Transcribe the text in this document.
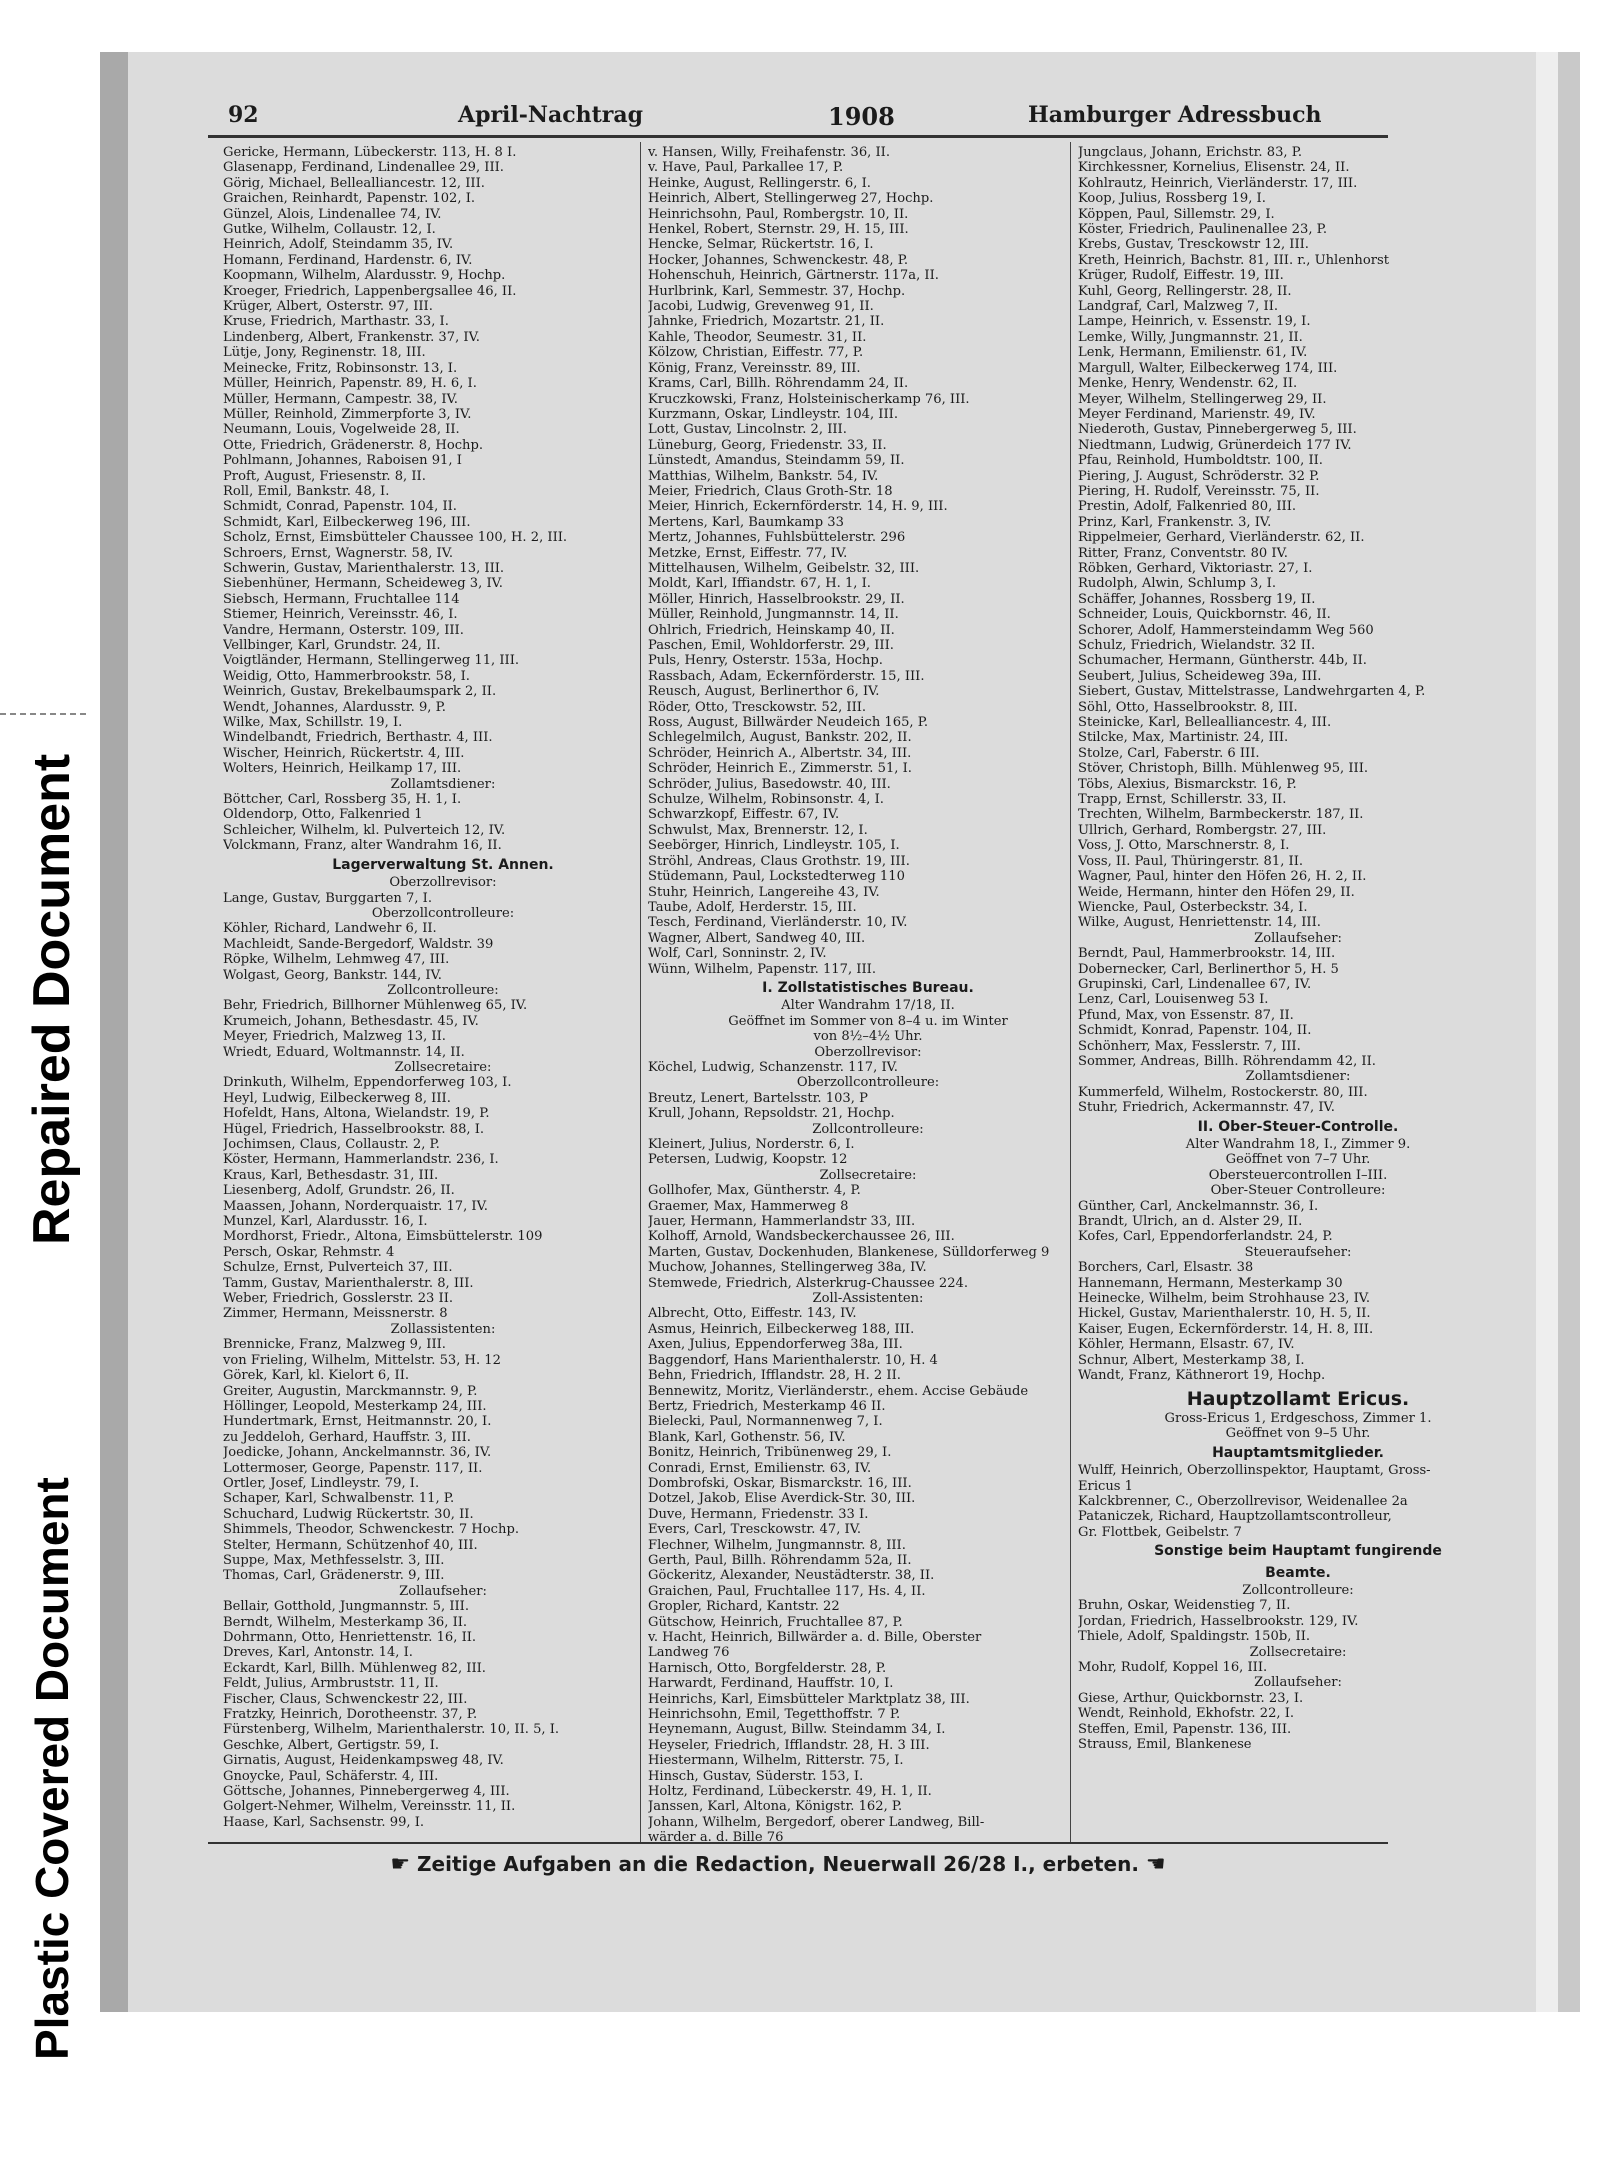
Repaired Document
Plastic Covered Document
92	April-Nachtrag	1908	Hamburger Adressbuch
Gericke, Hermann, Lübeckerstr. 113, H. 8 I.
Glasenapp, Ferdinand, Lindenallee 29, III.
Görig, Michael, Bellealliancestr. 12, III.
Graichen, Reinhardt, Papenstr. 102, I.
Günzel, Alois, Lindenallee 74, IV.
Gutke, Wilhelm, Collaustr. 12, I.
Heinrich, Adolf, Steindamm 35, IV.
Homann, Ferdinand, Hardenstr. 6, IV.
Koopmann, Wilhelm, Alardusstr. 9, Hochp.
Kroeger, Friedrich, Lappenbergsallee 46, II.
Krüger, Albert, Osterstr. 97, III.
Kruse, Friedrich, Marthastr. 33, I.
Lindenberg, Albert, Frankenstr. 37, IV.
Lütje, Jony, Reginenstr. 18, III.
Meinecke, Fritz, Robinsonstr. 13, I.
Müller, Heinrich, Papenstr. 89, H. 6, I.
Müller, Hermann, Campestr. 38, IV.
Müller, Reinhold, Zimmerpforte 3, IV.
Neumann, Louis, Vogelweide 28, II.
Otte, Friedrich, Grädenerstr. 8, Hochp.
Pohlmann, Johannes, Raboisen 91, I
Proft, August, Friesenstr. 8, II.
Roll, Emil, Bankstr. 48, I.
Schmidt, Conrad, Papenstr. 104, II.
Schmidt, Karl, Eilbeckerweg 196, III.
Scholz, Ernst, Eimsbütteler Chaussee 100, H. 2, III.
Schroers, Ernst, Wagnerstr. 58, IV.
Schwerin, Gustav, Marienthalerstr. 13, III.
Siebenhüner, Hermann, Scheideweg 3, IV.
Siebsch, Hermann, Fruchtallee 114
Stiemer, Heinrich, Vereinsstr. 46, I.
Vandre, Hermann, Osterstr. 109, III.
Vellbinger, Karl, Grundstr. 24, II.
Voigtländer, Hermann, Stellingerweg 11, III.
Weidig, Otto, Hammerbrookstr. 58, I.
Weinrich, Gustav, Brekelbaumspark 2, II.
Wendt, Johannes, Alardusstr. 9, P.
Wilke, Max, Schillstr. 19, I.
Windelbandt, Friedrich, Berthastr. 4, III.
Wischer, Heinrich, Rückertstr. 4, III.
Wolters, Heinrich, Heilkamp 17, III.
Zollamtsdiener:
Böttcher, Carl, Rossberg 35, H. 1, I.
Oldendorp, Otto, Falkenried 1
Schleicher, Wilhelm, kl. Pulverteich 12, IV.
Volckmann, Franz, alter Wandrahm 16, II.
Lagerverwaltung St. Annen.
Oberzollrevisor:
Lange, Gustav, Burggarten 7, I.
Oberzollcontrolleure:
Köhler, Richard, Landwehr 6, II.
Machleidt, Sande-Bergedorf, Waldstr. 39
Röpke, Wilhelm, Lehmweg 47, III.
Wolgast, Georg, Bankstr. 144, IV.
Zollcontrolleure:
Behr, Friedrich, Billhorner Mühlenweg 65, IV.
Krumeich, Johann, Bethesdastr. 45, IV.
Meyer, Friedrich, Malzweg 13, II.
Wriedt, Eduard, Woltmannstr. 14, II.
Zollsecretaire:
Drinkuth, Wilhelm, Eppendorferweg 103, I.
Heyl, Ludwig, Eilbeckerweg 8, III.
Hofeldt, Hans, Altona, Wielandstr. 19, P.
Hügel, Friedrich, Hasselbrookstr. 88, I.
Jochimsen, Claus, Collaustr. 2, P.
Köster, Hermann, Hammerlandstr. 236, I.
Kraus, Karl, Bethesdastr. 31, III.
Liesenberg, Adolf, Grundstr. 26, II.
Maassen, Johann, Norderquaistr. 17, IV.
Munzel, Karl, Alardusstr. 16, I.
Mordhorst, Friedr., Altona, Eimsbüttelerstr. 109
Persch, Oskar, Rehmstr. 4
Schulze, Ernst, Pulverteich 37, III.
Tamm, Gustav, Marienthalerstr. 8, III.
Weber, Friedrich, Gosslerstr. 23 II.
Zimmer, Hermann, Meissnerstr. 8
Zollassistenten:
Brennicke, Franz, Malzweg 9, III.
von Frieling, Wilhelm, Mittelstr. 53, H. 12
Görek, Karl, kl. Kielort 6, II.
Greiter, Augustin, Marckmannstr. 9, P.
Höllinger, Leopold, Mesterkamp 24, III.
Hundertmark, Ernst, Heitmannstr. 20, I.
zu Jeddeloh, Gerhard, Hauffstr. 3, III.
Joedicke, Johann, Anckelmannstr. 36, IV.
Lottermoser, George, Papenstr. 117, II.
Ortler, Josef, Lindleystr. 79, I.
Schaper, Karl, Schwalbenstr. 11, P.
Schuchard, Ludwig Rückertstr. 30, II.
Shimmels, Theodor, Schwenckestr. 7 Hochp.
Stelter, Hermann, Schützenhof 40, III.
Suppe, Max, Methfesselstr. 3, III.
Thomas, Carl, Grädenerstr. 9, III.
Zollaufseher:
Bellair, Gotthold, Jungmannstr. 5, III.
Berndt, Wilhelm, Mesterkamp 36, II.
Dohrmann, Otto, Henriettenstr. 16, II.
Dreves, Karl, Antonstr. 14, I.
Eckardt, Karl, Billh. Mühlenweg 82, III.
Feldt, Julius, Armbruststr. 11, II.
Fischer, Claus, Schwenckestr 22, III.
Fratzky, Heinrich, Dorotheenstr. 37, P.
Fürstenberg, Wilhelm, Marienthalerstr. 10, II. 5, I.
Geschke, Albert, Gertigstr. 59, I.
Girnatis, August, Heidenkampsweg 48, IV.
Gnoycke, Paul, Schäferstr. 4, III.
Göttsche, Johannes, Pinnebergerweg 4, III.
Golgert-Nehmer, Wilhelm, Vereinsstr. 11, II.
Haase, Karl, Sachsenstr. 99, I.
v. Hansen, Willy, Freihafenstr. 36, II.
v. Have, Paul, Parkallee 17, P.
Heinke, August, Rellingerstr. 6, I.
Heinrich, Albert, Stellingerweg 27, Hochp.
Heinrichsohn, Paul, Rombergstr. 10, II.
Henkel, Robert, Sternstr. 29, H. 15, III.
Hencke, Selmar, Rückertstr. 16, I.
Hocker, Johannes, Schwenckestr. 48, P.
Hohenschuh, Heinrich, Gärtnerstr. 117a, II.
Hurlbrink, Karl, Semmestr. 37, Hochp.
Jacobi, Ludwig, Grevenweg 91, II.
Jahnke, Friedrich, Mozartstr. 21, II.
Kahle, Theodor, Seumestr. 31, II.
Kölzow, Christian, Eiffestr. 77, P.
König, Franz, Vereinsstr. 89, III.
Krams, Carl, Billh. Röhrendamm 24, II.
Kruczkowski, Franz, Holsteinischerkamp 76, III.
Kurzmann, Oskar, Lindleystr. 104, III.
Lott, Gustav, Lincolnstr. 2, III.
Lüneburg, Georg, Friedenstr. 33, II.
Lünstedt, Amandus, Steindamm 59, II.
Matthias, Wilhelm, Bankstr. 54, IV.
Meier, Friedrich, Claus Groth-Str. 18
Meier, Hinrich, Eckernförderstr. 14, H. 9, III.
Mertens, Karl, Baumkamp 33
Mertz, Johannes, Fuhlsbüttelerstr. 296
Metzke, Ernst, Eiffestr. 77, IV.
Mittelhausen, Wilhelm, Geibelstr. 32, III.
Moldt, Karl, Iffiandstr. 67, H. 1, I.
Möller, Hinrich, Hasselbrookstr. 29, II.
Müller, Reinhold, Jungmannstr. 14, II.
Ohlrich, Friedrich, Heinskamp 40, II.
Paschen, Emil, Wohldorferstr. 29, III.
Puls, Henry, Osterstr. 153a, Hochp.
Rassbach, Adam, Eckernförderstr. 15, III.
Reusch, August, Berlinerthor 6, IV.
Röder, Otto, Tresckowstr. 52, III.
Ross, August, Billwärder Neudeich 165, P.
Schlegelmilch, August, Bankstr. 202, II.
Schröder, Heinrich A., Albertstr. 34, III.
Schröder, Heinrich E., Zimmerstr. 51, I.
Schröder, Julius, Basedowstr. 40, III.
Schulze, Wilhelm, Robinsonstr. 4, I.
Schwarzkopf, Eiffestr. 67, IV.
Schwulst, Max, Brennerstr. 12, I.
Seebörger, Hinrich, Lindleystr. 105, I.
Ströhl, Andreas, Claus Grothstr. 19, III.
Stüdemann, Paul, Lockstedterweg 110
Stuhr, Heinrich, Langereihe 43, IV.
Taube, Adolf, Herderstr. 15, III.
Tesch, Ferdinand, Vierländerstr. 10, IV.
Wagner, Albert, Sandweg 40, III.
Wolf, Carl, Sonninstr. 2, IV.
Wünn, Wilhelm, Papenstr. 117, III.
I. Zollstatistisches Bureau.
Alter Wandrahm 17/18, II.
Geöffnet im Sommer von 8–4 u. im Winter
von 8½–4½ Uhr.
Oberzollrevisor:
Köchel, Ludwig, Schanzenstr. 117, IV.
Oberzollcontrolleure:
Breutz, Lenert, Bartelsstr. 103, P
Krull, Johann, Repsoldstr. 21, Hochp.
Zollcontrolleure:
Kleinert, Julius, Norderstr. 6, I.
Petersen, Ludwig, Koopstr. 12
Zollsecretaire:
Gollhofer, Max, Güntherstr. 4, P.
Graemer, Max, Hammerweg 8
Jauer, Hermann, Hammerlandstr 33, III.
Kolhoff, Arnold, Wandsbeckerchaussee 26, III.
Marten, Gustav, Dockenhuden, Blankenese, Sülldorferweg 9
Muchow, Johannes, Stellingerweg 38a, IV.
Stemwede, Friedrich, Alsterkrug-Chaussee 224.
Zoll-Assistenten:
Albrecht, Otto, Eiffestr. 143, IV.
Asmus, Heinrich, Eilbeckerweg 188, III.
Axen, Julius, Eppendorferweg 38a, III.
Baggendorf, Hans Marienthalerstr. 10, H. 4
Behn, Friedrich, Ifflandstr. 28, H. 2 II.
Bennewitz, Moritz, Vierländerstr., ehem. Accise Gebäude
Bertz, Friedrich, Mesterkamp 46 II.
Bielecki, Paul, Normannenweg 7, I.
Blank, Karl, Gothenstr. 56, IV.
Bonitz, Heinrich, Tribünenweg 29, I.
Conradi, Ernst, Emilienstr. 63, IV.
Dombrofski, Oskar, Bismarckstr. 16, III.
Dotzel, Jakob, Elise Averdick-Str. 30, III.
Duve, Hermann, Friedenstr. 33 I.
Evers, Carl, Tresckowstr. 47, IV.
Flechner, Wilhelm, Jungmannstr. 8, III.
Gerth, Paul, Billh. Röhrendamm 52a, II.
Göckeritz, Alexander, Neustädterstr. 38, II.
Graichen, Paul, Fruchtallee 117, Hs. 4, II.
Gropler, Richard, Kantstr. 22
Gütschow, Heinrich, Fruchtallee 87, P.
v. Hacht, Heinrich, Billwärder a. d. Bille, Oberster
Landweg 76
Harnisch, Otto, Borgfelderstr. 28, P.
Harwardt, Ferdinand, Hauffstr. 10, I.
Heinrichs, Karl, Eimsbütteler Marktplatz 38, III.
Heinrichsohn, Emil, Tegetthoffstr. 7 P.
Heynemann, August, Billw. Steindamm 34, I.
Heyseler, Friedrich, Ifflandstr. 28, H. 3 III.
Hiestermann, Wilhelm, Ritterstr. 75, I.
Hinsch, Gustav, Süderstr. 153, I.
Holtz, Ferdinand, Lübeckerstr. 49, H. 1, II.
Janssen, Karl, Altona, Königstr. 162, P.
Johann, Wilhelm, Bergedorf, oberer Landweg, Bill-
wärder a. d. Bille 76
Jungclaus, Johann, Erichstr. 83, P.
Kirchkessner, Kornelius, Elisenstr. 24, II.
Kohlrautz, Heinrich, Vierländerstr. 17, III.
Koop, Julius, Rossberg 19, I.
Köppen, Paul, Sillemstr. 29, I.
Köster, Friedrich, Paulinenallee 23, P.
Krebs, Gustav, Tresckowstr 12, III.
Kreth, Heinrich, Bachstr. 81, III. r., Uhlenhorst
Krüger, Rudolf, Eiffestr. 19, III.
Kuhl, Georg, Rellingerstr. 28, II.
Landgraf, Carl, Malzweg 7, II.
Lampe, Heinrich, v. Essenstr. 19, I.
Lemke, Willy, Jungmannstr. 21, II.
Lenk, Hermann, Emilienstr. 61, IV.
Margull, Walter, Eilbeckerweg 174, III.
Menke, Henry, Wendenstr. 62, II.
Meyer, Wilhelm, Stellingerweg 29, II.
Meyer Ferdinand, Marienstr. 49, IV.
Niederoth, Gustav, Pinnebergerweg 5, III.
Niedtmann, Ludwig, Grünerdeich 177 IV.
Pfau, Reinhold, Humboldtstr. 100, II.
Piering, J. August, Schröderstr. 32 P.
Piering, H. Rudolf, Vereinsstr. 75, II.
Prestin, Adolf, Falkenried 80, III.
Prinz, Karl, Frankenstr. 3, IV.
Rippelmeier, Gerhard, Vierländerstr. 62, II.
Ritter, Franz, Conventstr. 80 IV.
Röbken, Gerhard, Viktoriastr. 27, I.
Rudolph, Alwin, Schlump 3, I.
Schäffer, Johannes, Rossberg 19, II.
Schneider, Louis, Quickbornstr. 46, II.
Schorer, Adolf, Hammersteindamm Weg 560
Schulz, Friedrich, Wielandstr. 32 II.
Schumacher, Hermann, Güntherstr. 44b, II.
Seubert, Julius, Scheideweg 39a, III.
Siebert, Gustav, Mittelstrasse, Landwehrgarten 4, P.
Söhl, Otto, Hasselbrookstr. 8, III.
Steinicke, Karl, Bellealliancestr. 4, III.
Stilcke, Max, Martinistr. 24, III.
Stolze, Carl, Faberstr. 6 III.
Stöver, Christoph, Billh. Mühlenweg 95, III.
Töbs, Alexius, Bismarckstr. 16, P.
Trapp, Ernst, Schillerstr. 33, II.
Trechten, Wilhelm, Barmbeckerstr. 187, II.
Ullrich, Gerhard, Rombergstr. 27, III.
Voss, J. Otto, Marschnerstr. 8, I.
Voss, II. Paul, Thüringerstr. 81, II.
Wagner, Paul, hinter den Höfen 26, H. 2, II.
Weide, Hermann, hinter den Höfen 29, II.
Wiencke, Paul, Osterbeckstr. 34, I.
Wilke, August, Henriettenstr. 14, III.
Zollaufseher:
Berndt, Paul, Hammerbrookstr. 14, III.
Dobernecker, Carl, Berlinerthor 5, H. 5
Grupinski, Carl, Lindenallee 67, IV.
Lenz, Carl, Louisenweg 53 I.
Pfund, Max, von Essenstr. 87, II.
Schmidt, Konrad, Papenstr. 104, II.
Schönherr, Max, Fesslerstr. 7, III.
Sommer, Andreas, Billh. Röhrendamm 42, II.
Zollamtsdiener:
Kummerfeld, Wilhelm, Rostockerstr. 80, III.
Stuhr, Friedrich, Ackermannstr. 47, IV.
II. Ober-Steuer-Controlle.
Alter Wandrahm 18, I., Zimmer 9.
Geöffnet von 7–7 Uhr.
Obersteuercontrollen I–III.
Ober-Steuer Controlleure:
Günther, Carl, Anckelmannstr. 36, I.
Brandt, Ulrich, an d. Alster 29, II.
Kofes, Carl, Eppendorferlandstr. 24, P.
Steueraufseher:
Borchers, Carl, Elsastr. 38
Hannemann, Hermann, Mesterkamp 30
Heinecke, Wilhelm, beim Strohhause 23, IV.
Hickel, Gustav, Marienthalerstr. 10, H. 5, II.
Kaiser, Eugen, Eckernförderstr. 14, H. 8, III.
Köhler, Hermann, Elsastr. 67, IV.
Schnur, Albert, Mesterkamp 38, I.
Wandt, Franz, Käthnerort 19, Hochp.
Hauptzollamt Ericus.
Gross-Ericus 1, Erdgeschoss, Zimmer 1.
Geöffnet von 9–5 Uhr.
Hauptamtsmitglieder.
Wulff, Heinrich, Oberzollinspektor, Hauptamt, Gross-
Ericus 1
Kalckbrenner, C., Oberzollrevisor, Weidenallee 2a
Pataniczek, Richard, Hauptzollamtscontrolleur,
Gr. Flottbek, Geibelstr. 7
Sonstige beim Hauptamt fungirende
Beamte.
Zollcontrolleure:
Bruhn, Oskar, Weidenstieg 7, II.
Jordan, Friedrich, Hasselbrookstr. 129, IV.
Thiele, Adolf, Spaldingstr. 150b, II.
Zollsecretaire:
Mohr, Rudolf, Koppel 16, III.
Zollaufseher:
Giese, Arthur, Quickbornstr. 23, I.
Wendt, Reinhold, Ekhofstr. 22, I.
Steffen, Emil, Papenstr. 136, III.
Strauss, Emil, Blankenese
☛ Zeitige Aufgaben an die Redaction, Neuerwall 26/28 I., erbeten. ☚
